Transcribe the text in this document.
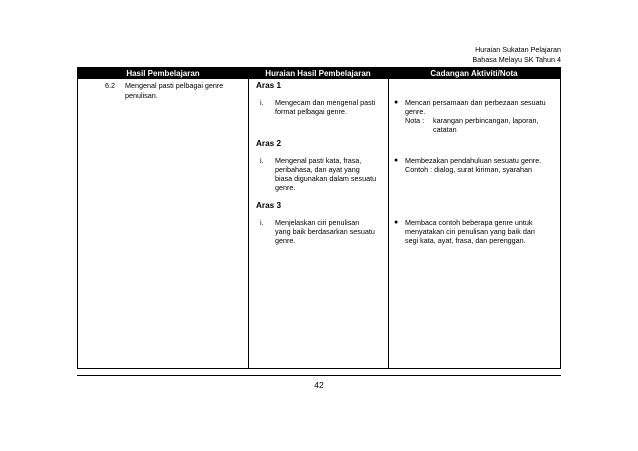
Huraian Sukatan Pelajaran
Bahasa Melayu SK Tahun 4
Hasil Pembelajaran	Huraian Hasil Pembelajaran	Cadangan Aktiviti/Nota
6.2 Mengenal pasti pelbagai genre
penulisan.
Aras 1
i. Mengecam dan mengenal pasti
format pelbagai genre.
● Mencari persamaan dan perbezaan sesuatu
genre.
Nota : karangan perbincangan, laporan,
catatan
Aras 2
i. Mengenal pasti kata, frasa,
peribahasa, dan ayat yang
biasa digunakan dalam sesuatu
genre.
● Membezakan pendahuluan sesuatu genre.
Contoh : dialog, surat kiriman, syarahan
Aras 3
i. Menjelaskan ciri penulisan
yang baik berdasarkan sesuatu
genre.
● Membaca contoh beberapa genre untuk
menyatakan ciri penulisan yang baik dari
segi kata, ayat, frasa, dan perenggan.
42
